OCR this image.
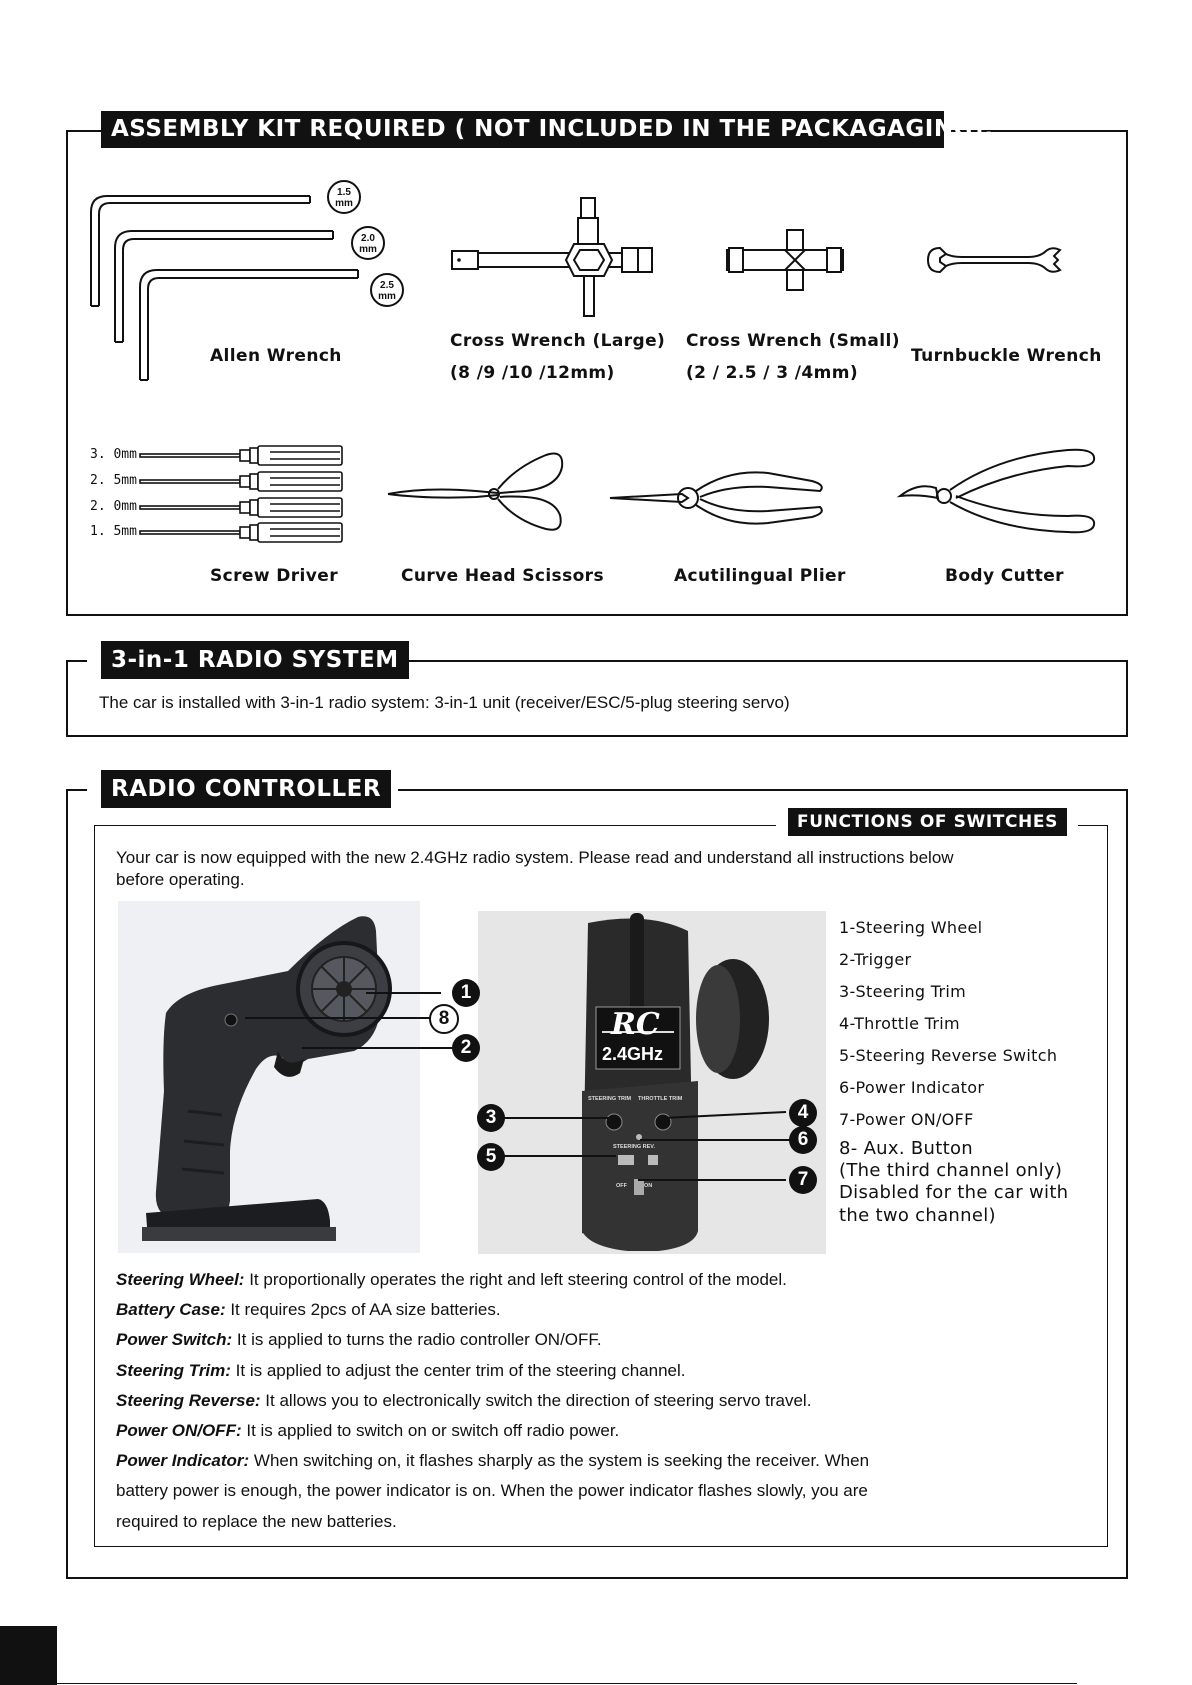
ASSEMBLY KIT REQUIRED ( NOT INCLUDED IN THE PACKAGAGING):
1.5
mm
2.0
mm
2.5
mm
Allen Wrench
Cross Wrench (Large)
(8 /9 /10 /12mm)
Cross Wrench (Small)
(2 / 2.5 / 3 /4mm)
Turnbuckle Wrench
3. 0mm
2. 5mm
2. 0mm
1. 5mm
Screw Driver	Curve Head Scissors	Acutilingual Plier	Body Cutter
3-in-1 RADIO SYSTEM
The car is installed with 3-in-1 radio system: 3-in-1 unit (receiver/ESC/5-plug steering servo)
RADIO CONTROLLER
FUNCTIONS OF SWITCHES
Your car is now equipped with the new 2.4GHz radio system. Please read and understand all instructions below
before operating.
RC
2.4GHz
STEERING TRIM THROTTLE TRIM
STEERING REV.
OFF	ON
1
8
2
3	4
6
5
7
1-Steering Wheel
2-Trigger
3-Steering Trim
4-Throttle Trim
5-Steering Reverse Switch
6-Power Indicator
7-Power ON/OFF
8- Aux. Button
(The third channel only)
Disabled for the car with
the two channel)

Steering Wheel: It proportionally operates the right and left steering control of the model.

Battery Case: It requires 2pcs of AA size batteries.

Power Switch: It is applied to turns the radio controller ON/OFF.

Steering Trim: It is applied to adjust the center trim of the steering channel.

Steering Reverse: It allows you to electronically switch the direction of steering servo travel.

Power ON/OFF: It is applied to switch on or switch off radio power.

Power Indicator: When switching on, it flashes sharply as the system is seeking the receiver. When

battery power is enough, the power indicator is on. When the power indicator flashes slowly, you are

required to replace the new batteries.
